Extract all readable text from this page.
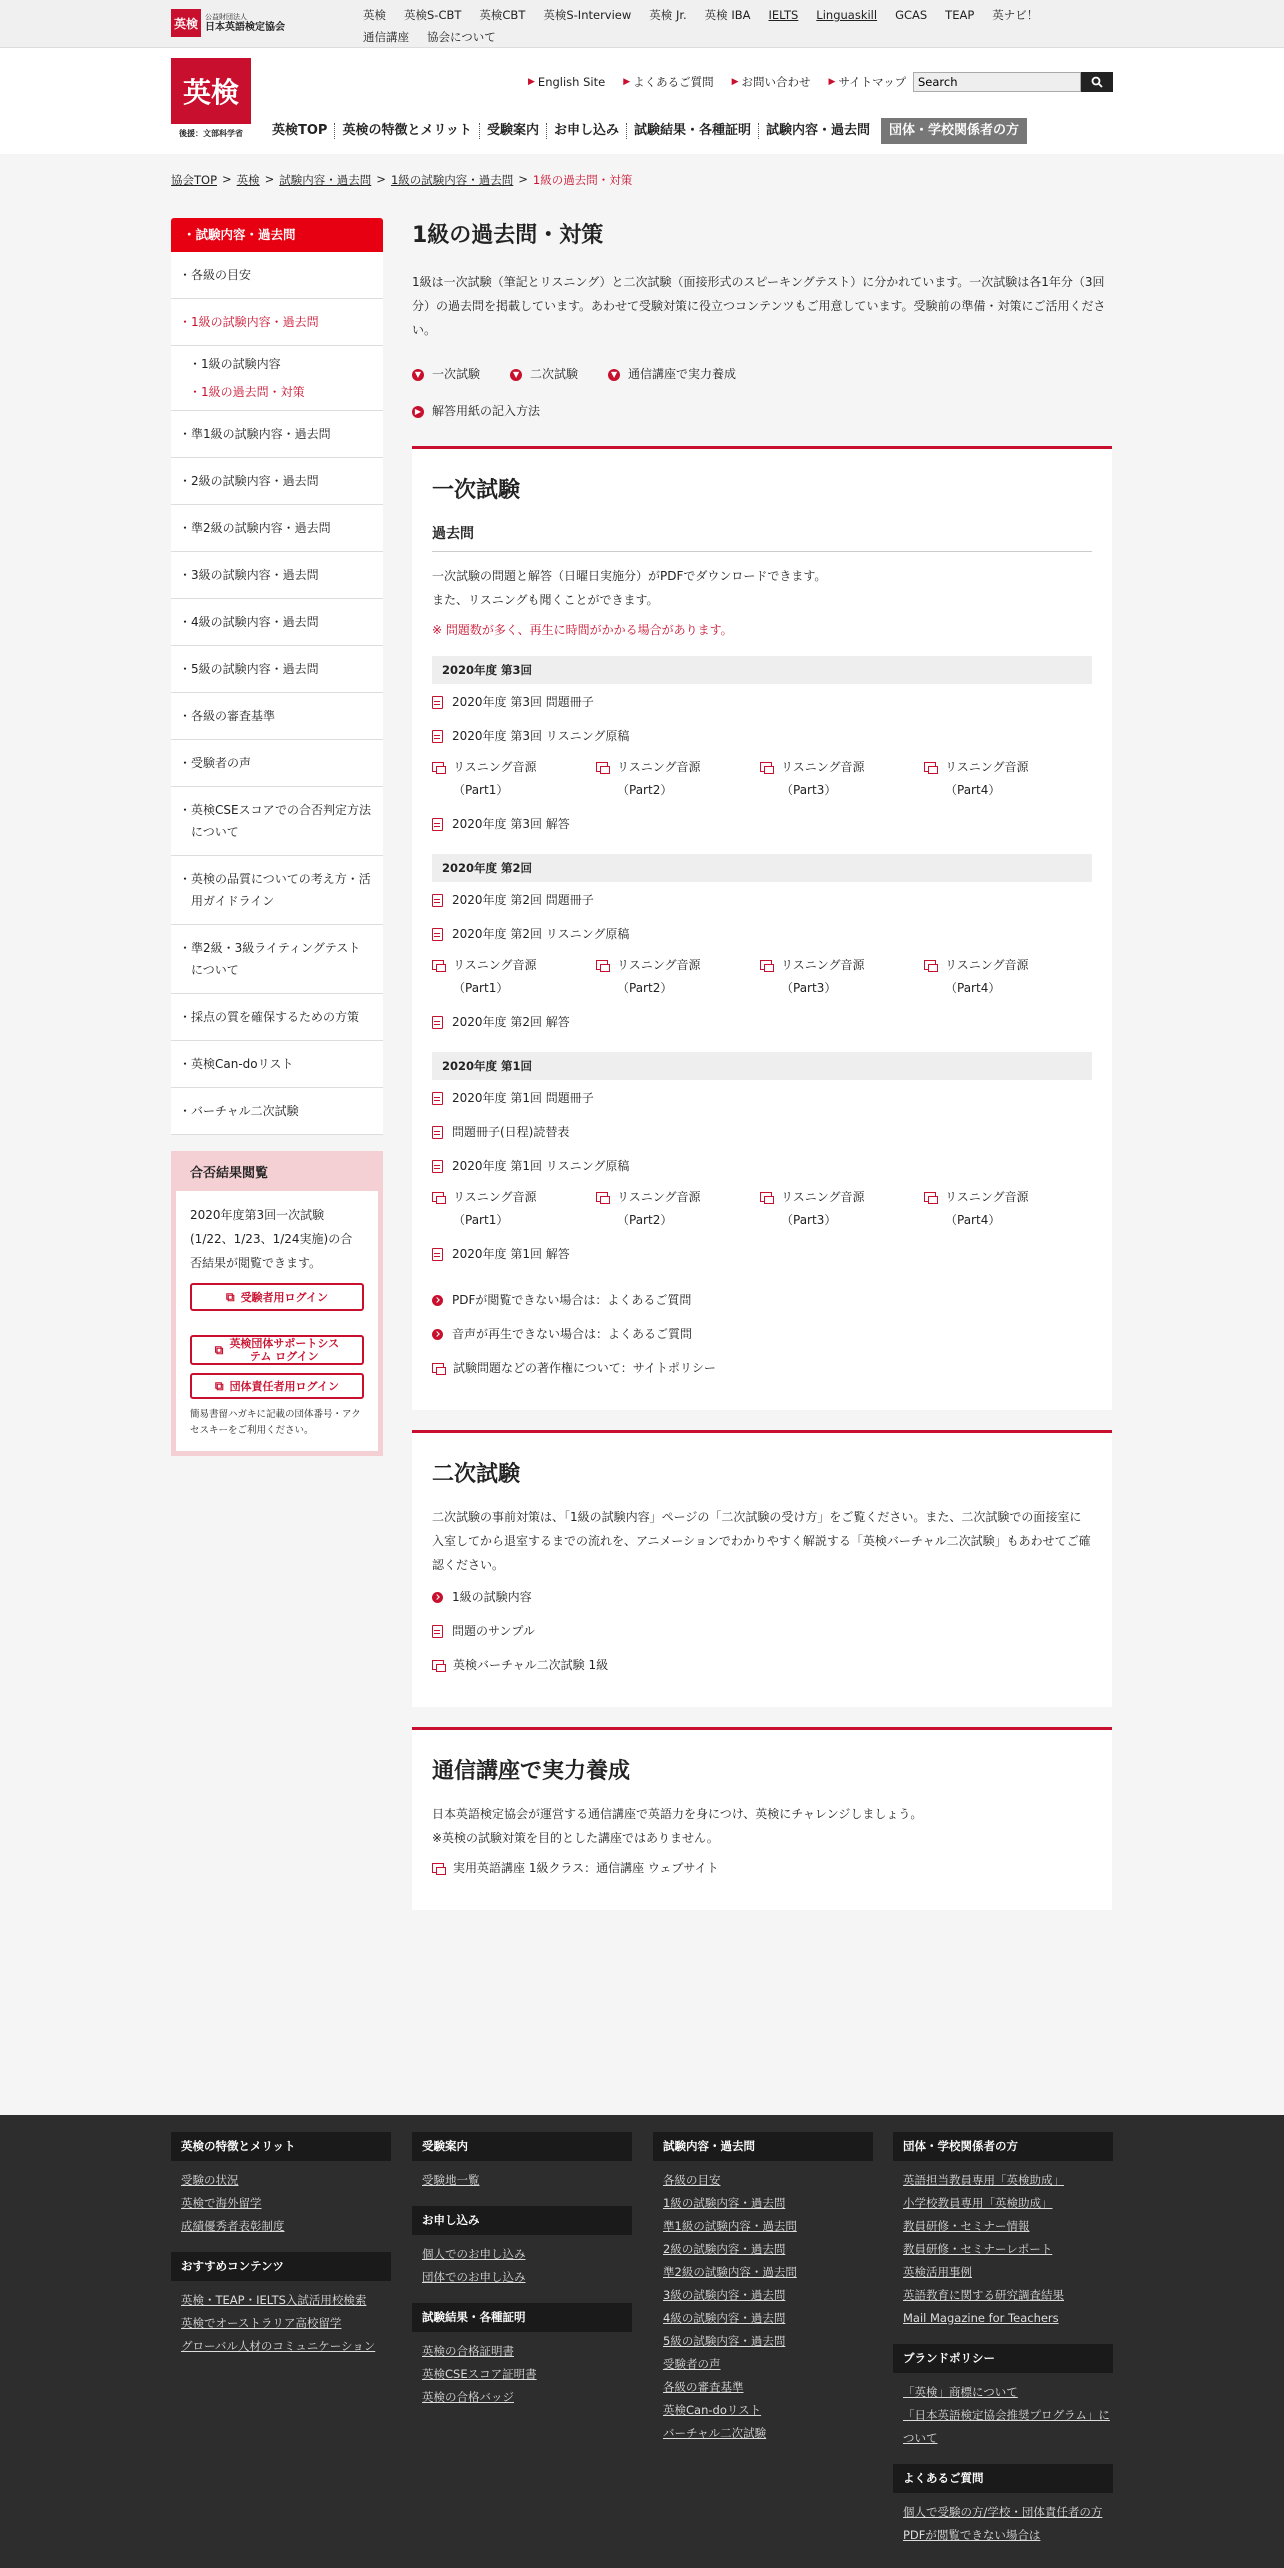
英検	公益財団法人
日本英語検定協会
英検 英検S-CBT 英検CBT 英検S-Interview 英検 Jr. 英検 IBA IELTS Linguaskill GCAS TEAP 英ナビ！
通信講座 協会について
英検
後援：文部科学省
▶ English Site ▶ よくあるご質問 ▶ お問い合わせ ▶ サイトマップ
Search
英検TOP	英検の特徴とメリット	受験案内	お申し込み	試験結果・各種証明	試験内容・過去問	団体・学校関係者の方
協会TOP > 英検 > 試験内容・過去問 > 1級の試験内容・過去問 > 1級の過去問・対策
・試験内容・過去問
・ 各級の目安
・ 1級の試験内容・過去問
・ 1級の試験内容
・ 1級の過去問・対策
・ 準1級の試験内容・過去問
・ 2級の試験内容・過去問
・ 準2級の試験内容・過去問
・ 3級の試験内容・過去問
・ 4級の試験内容・過去問
・ 5級の試験内容・過去問
・ 各級の審査基準
・ 受験者の声
・ 英検CSEスコアでの合否判定方法について
・ 英検の品質についての考え方・活用ガイドライン
・ 準2級・3級ライティングテストについて
・ 採点の質を確保するための方策
・ 英検Can-doリスト
・ バーチャル二次試験
合否結果閲覧
2020年度第3回一次試験(1/22、1/23、1/24実施)の合否結果が閲覧できます。
⧉ 受験者用ログイン
⧉ 英検団体サポートシステム ログイン
⧉ 団体責任者用ログイン
簡易書留ハガキに記載の団体番号・アクセスキーをご利用ください。
1級の過去問・対策

1級は一次試験（筆記とリスニング）と二次試験（面接形式のスピーキングテスト）に分かれています。一次試験は各1年分（3回分）の過去問を掲載しています。あわせて受験対策に役立つコンテンツもご用意しています。受験前の準備・対策にご活用ください。

▼ 一次試験	▼ 二次試験	▼ 通信講座で実力養成
▶ 解答用紙の記入方法
一次試験
過去問

一次試験の問題と解答（日曜日実施分）がPDFでダウンロードできます。

また、リスニングも聞くことができます。

※ 問題数が多く、再生に時間がかかる場合があります。

2020年度 第3回
2020年度 第3回 問題冊子
2020年度 第3回 リスニング原稿
リスニング音源（Part1）
リスニング音源（Part2）
リスニング音源（Part3）
リスニング音源（Part4）
2020年度 第3回 解答
2020年度 第2回
2020年度 第2回 問題冊子
2020年度 第2回 リスニング原稿
リスニング音源（Part1）
リスニング音源（Part2）
リスニング音源（Part3）
リスニング音源（Part4）
2020年度 第2回 解答
2020年度 第1回
2020年度 第1回 問題冊子
問題冊子(日程)読替表
2020年度 第1回 リスニング原稿
リスニング音源（Part1）
リスニング音源（Part2）
リスニング音源（Part3）
リスニング音源（Part4）
2020年度 第1回 解答
PDFが閲覧できない場合は：よくあるご質問
音声が再生できない場合は：よくあるご質問
試験問題などの著作権について：サイトポリシー
二次試験

二次試験の事前対策は、「1級の試験内容」ページの「二次試験の受け方」をご覧ください。また、二次試験での面接室に入室してから退室するまでの流れを、アニメーションでわかりやすく解説する「英検バーチャル二次試験」もあわせてご確認ください。

1級の試験内容
問題のサンプル
英検バーチャル二次試験 1級
通信講座で実力養成

日本英語検定協会が運営する通信講座で英語力を身につけ、英検にチャレンジしましょう。

※英検の試験対策を目的とした講座ではありません。

実用英語講座 1級クラス：通信講座 ウェブサイト
英検の特徴とメリット
受験の状況
英検で海外留学
成績優秀者表彰制度
おすすめコンテンツ
英検・TEAP・IELTS入試活用校検索
英検でオーストラリア高校留学
グローバル人材のコミュニケーション
受験案内
受験地一覧
お申し込み
個人でのお申し込み
団体でのお申し込み
試験結果・各種証明
英検の合格証明書
英検CSEスコア証明書
英検の合格バッジ
試験内容・過去問
各級の目安
1級の試験内容・過去問
準1級の試験内容・過去問
2級の試験内容・過去問
準2級の試験内容・過去問
3級の試験内容・過去問
4級の試験内容・過去問
5級の試験内容・過去問
受験者の声
各級の審査基準
英検Can-doリスト
バーチャル二次試験
団体・学校関係者の方
英語担当教員専用「英検助成」
小学校教員専用「英検助成」
教員研修・セミナー情報
教員研修・セミナーレポート
英検活用事例
英語教育に関する研究調査結果
Mail Magazine for Teachers
ブランドポリシー
「英検」商標について
「日本英語検定協会推奨プログラム」について
よくあるご質問
個人で受験の方/学校・団体責任者の方
PDFが閲覧できない場合は
